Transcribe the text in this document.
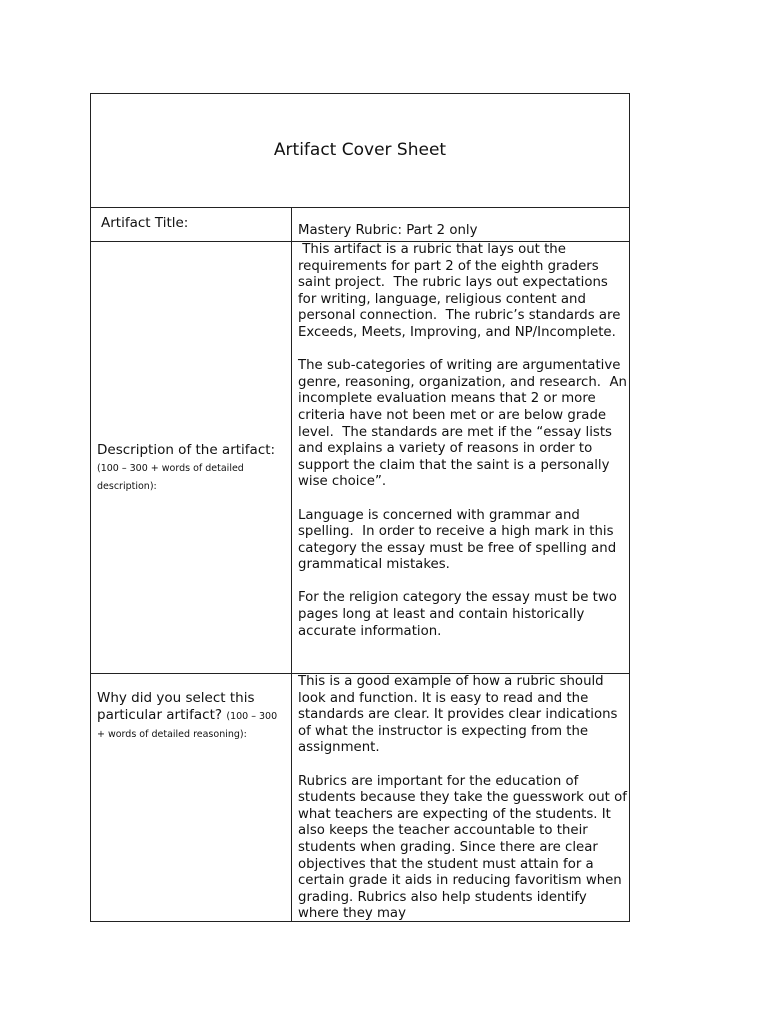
Artifact Cover Sheet
Artifact Title:	Mastery Rubric: Part 2 only
Description of the artifact: (100 – 300 + words of detailed description):

This artifact is a rubric that lays out the requirements for part 2 of the eighth graders saint project.  The rubric lays out expectations for writing, language, religious content and personal connection.  The rubric’s standards are Exceeds, Meets, Improving, and NP/Incomplete.

The sub-categories of writing are argumentative genre, reasoning, organization, and research.  An incomplete evaluation means that 2 or more criteria have not been met or are below grade level.  The standards are met if the “essay lists and explains a variety of reasons in order to support the claim that the saint is a personally wise choice”.

Language is concerned with grammar and spelling.  In order to receive a high mark in this category the essay must be free of spelling and grammatical mistakes.

For the religion category the essay must be two pages long at least and contain historically accurate information.

Why did you select this particular artifact? (100 – 300 + words of detailed reasoning):

This is a good example of how a rubric should look and function. It is easy to read and the standards are clear. It provides clear indications of what the instructor is expecting from the assignment.

Rubrics are important for the education of students because they take the guesswork out of what teachers are expecting of the students. It also keeps the teacher accountable to their students when grading. Since there are clear objectives that the student must attain for a certain grade it aids in reducing favoritism when grading. Rubrics also help students identify where they may
